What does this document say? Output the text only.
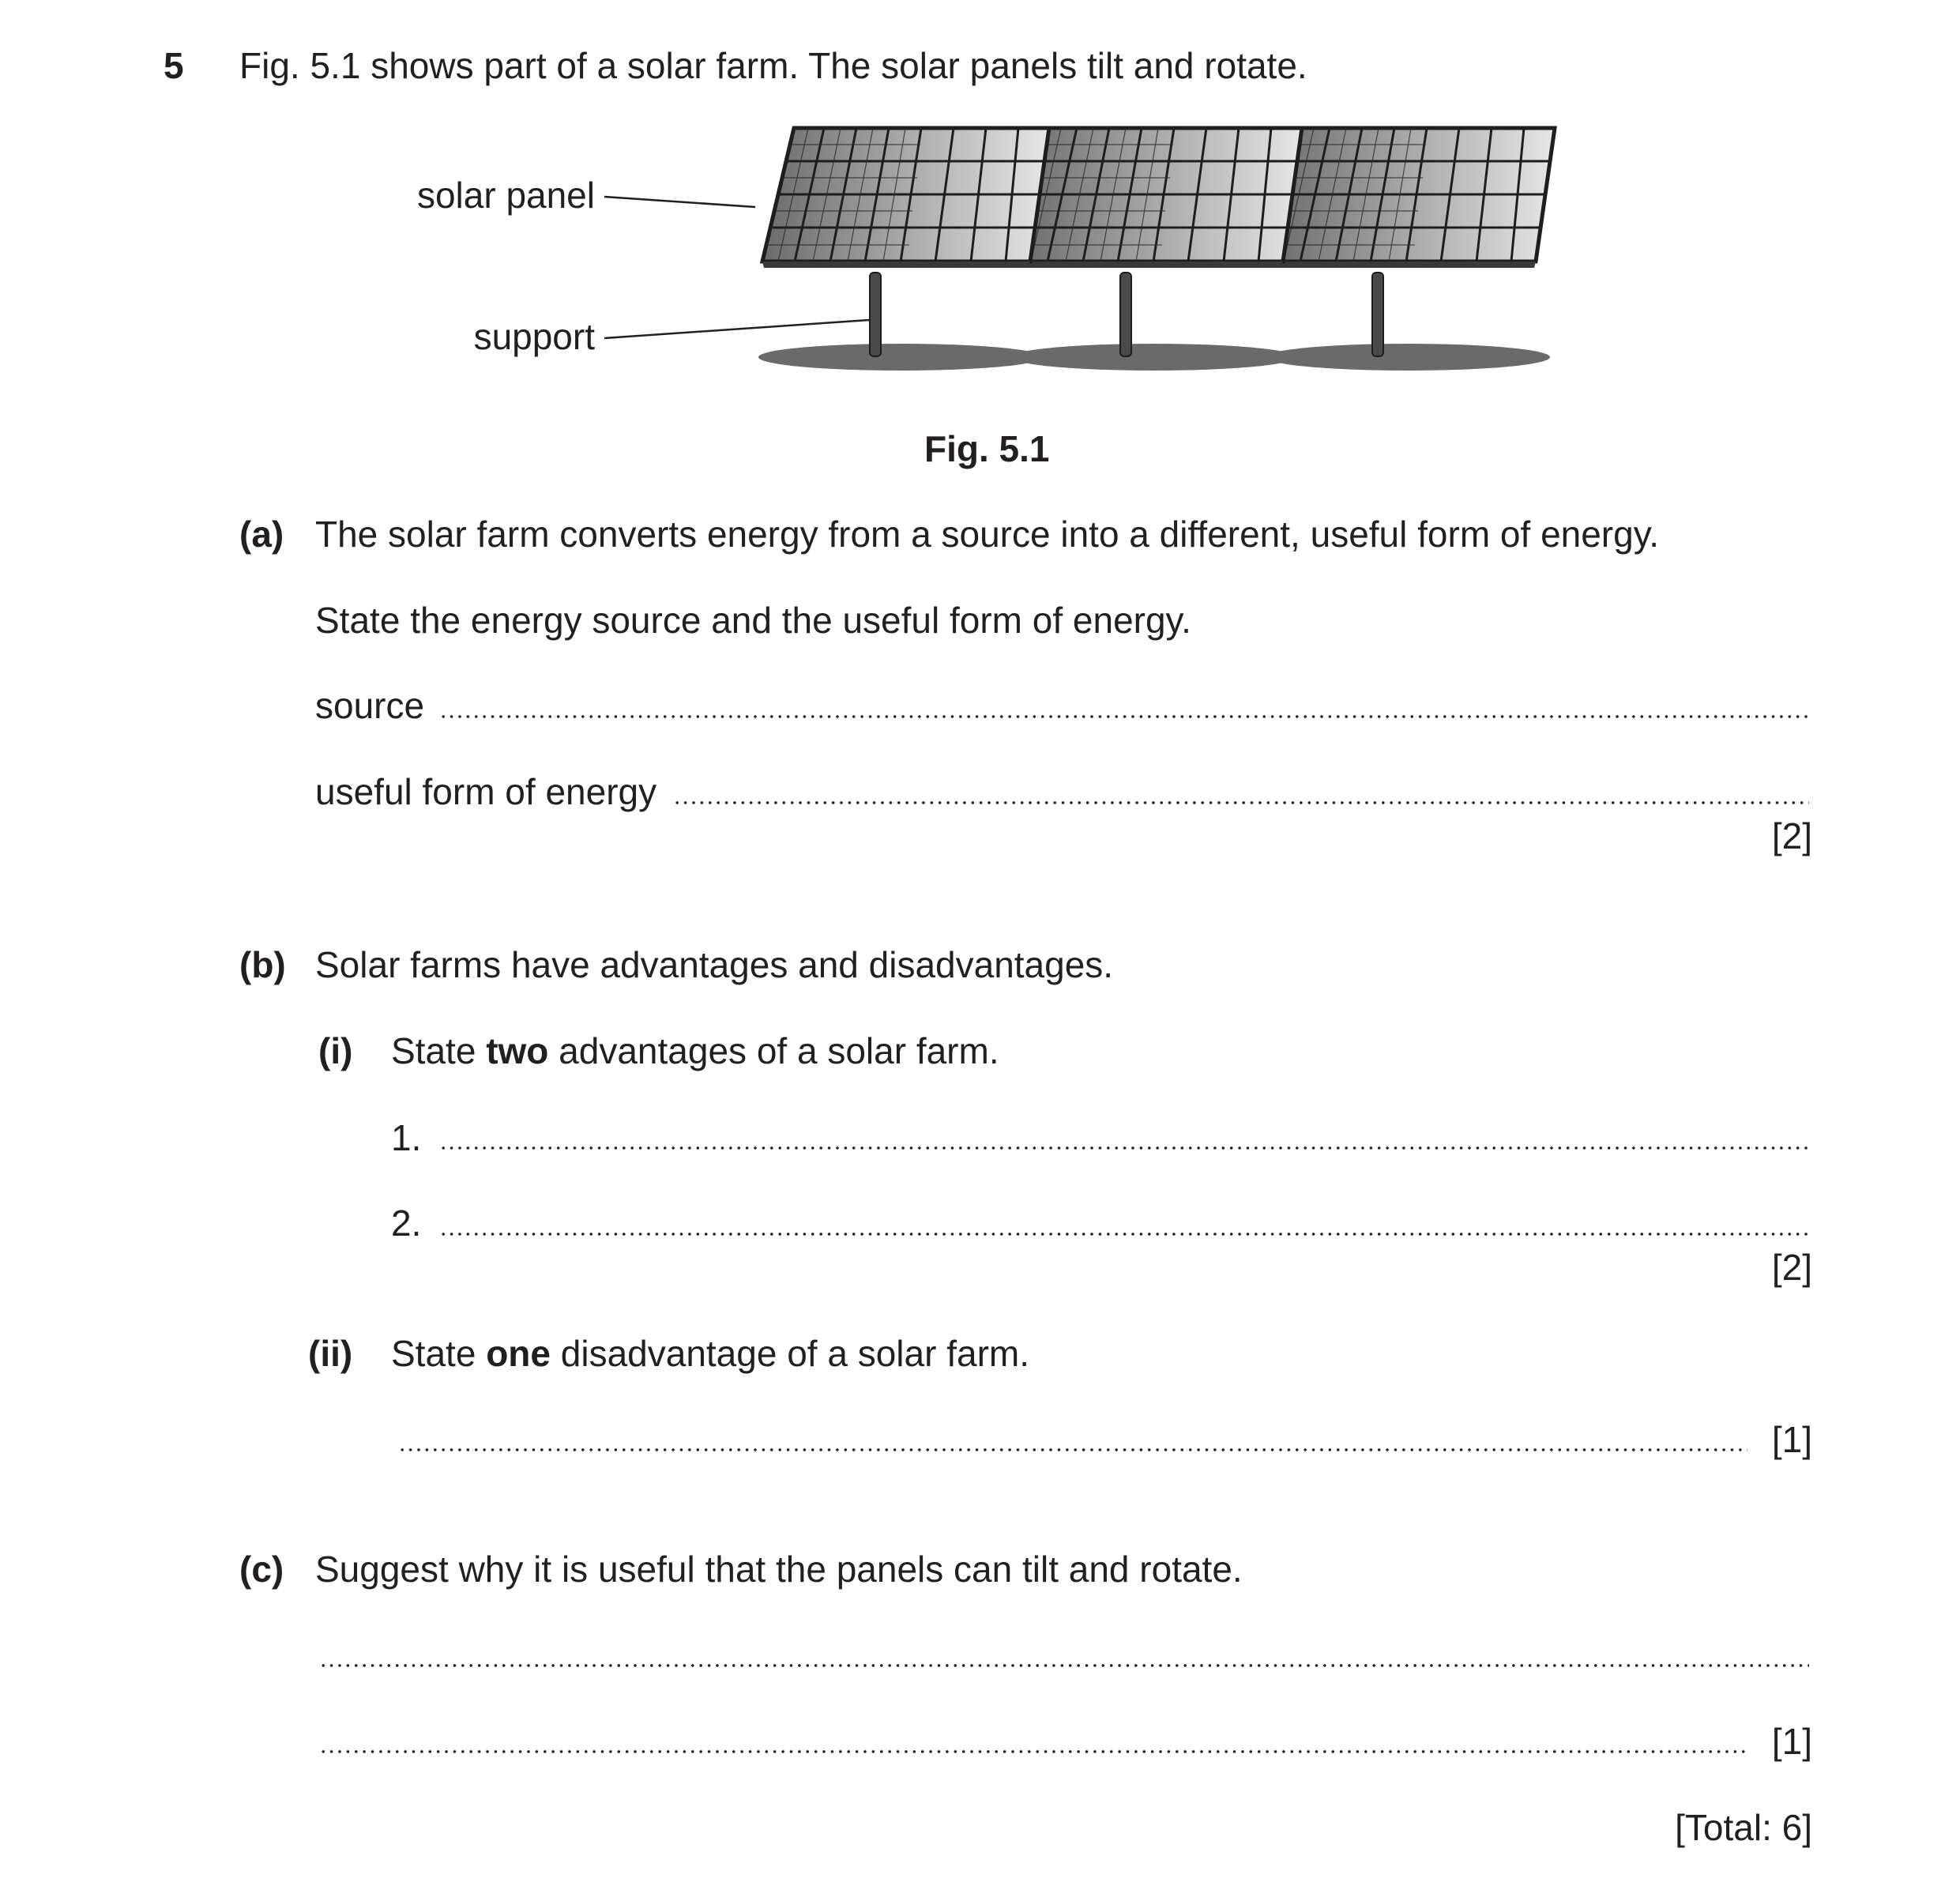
5 Fig. 5.1 shows part of a solar farm. The solar panels tilt and rotate.
solar panel
support
Fig. 5.1
(a) The solar farm converts energy from a source into a different, useful form of energy.
State the energy source and the useful form of energy.
source
useful form of energy
[2]
(b) Solar farms have advantages and disadvantages.
(i) State two advantages of a solar farm.
1.
2.
[2]
(ii) State one disadvantage of a solar farm.
[1]
(c) Suggest why it is useful that the panels can tilt and rotate.
[1]
[Total: 6]
